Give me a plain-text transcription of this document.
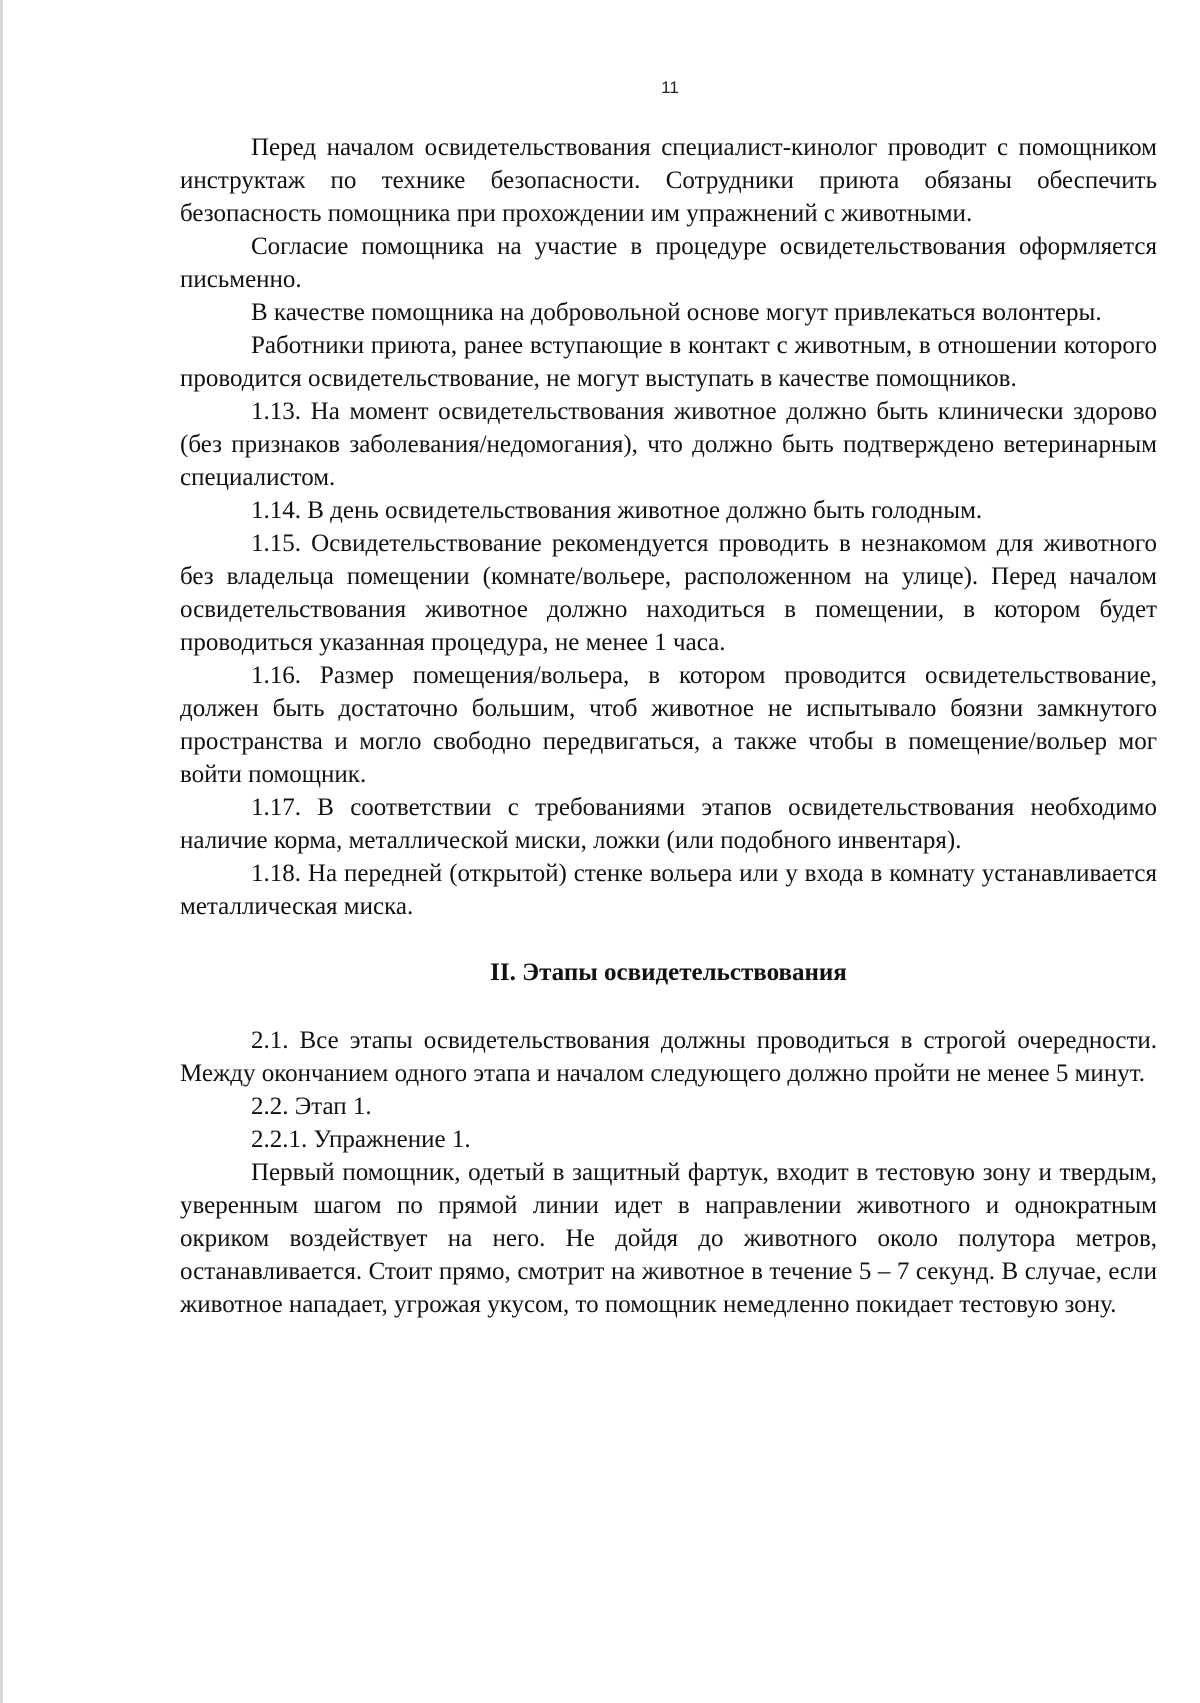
11

Перед началом освидетельствования специалист-кинолог проводит с помощником инструктаж по технике безопасности. Сотрудники приюта обязаны обеспечить безопасность помощника при прохождении им упражнений с животными.

Согласие помощника на участие в процедуре освидетельствования оформляется письменно.

В качестве помощника на добровольной основе могут привлекаться волонтеры.

Работники приюта, ранее вступающие в контакт с животным, в отношении которого проводится освидетельствование, не могут выступать в качестве помощников.

1.13. На момент освидетельствования животное должно быть клинически здорово (без признаков заболевания/недомогания), что должно быть подтверждено ветеринарным специалистом.

1.14. В день освидетельствования животное должно быть голодным.

1.15. Освидетельствование рекомендуется проводить в незнакомом для животного без владельца помещении (комнате/вольере, расположенном на улице). Перед началом освидетельствования животное должно находиться в помещении, в котором будет проводиться указанная процедура, не менее 1 часа.

1.16. Размер помещения/вольера, в котором проводится освидетельствование, должен быть достаточно большим, чтоб животное не испытывало боязни замкнутого пространства и могло свободно передвигаться, а также чтобы в помещение/вольер мог войти помощник.

1.17. В соответствии с требованиями этапов освидетельствования необходимо наличие корма, металлической миски, ложки (или подобного инвентаря).

1.18. На передней (открытой) стенке вольера или у входа в комнату устанавливается металлическая миска.

II. Этапы освидетельствования

2.1. Все этапы освидетельствования должны проводиться в строгой очередности. Между окончанием одного этапа и началом следующего должно пройти не менее 5 минут.

2.2. Этап 1.

2.2.1. Упражнение 1.

Первый помощник, одетый в защитный фартук, входит в тестовую зону и твердым, уверенным шагом по прямой линии идет в направлении животного и однократным окриком воздействует на него. Не дойдя до животного около полутора метров, останавливается. Стоит прямо, смотрит на животное в течение 5 – 7 секунд. В случае, если животное нападает, угрожая укусом, то помощник немедленно покидает тестовую зону.
